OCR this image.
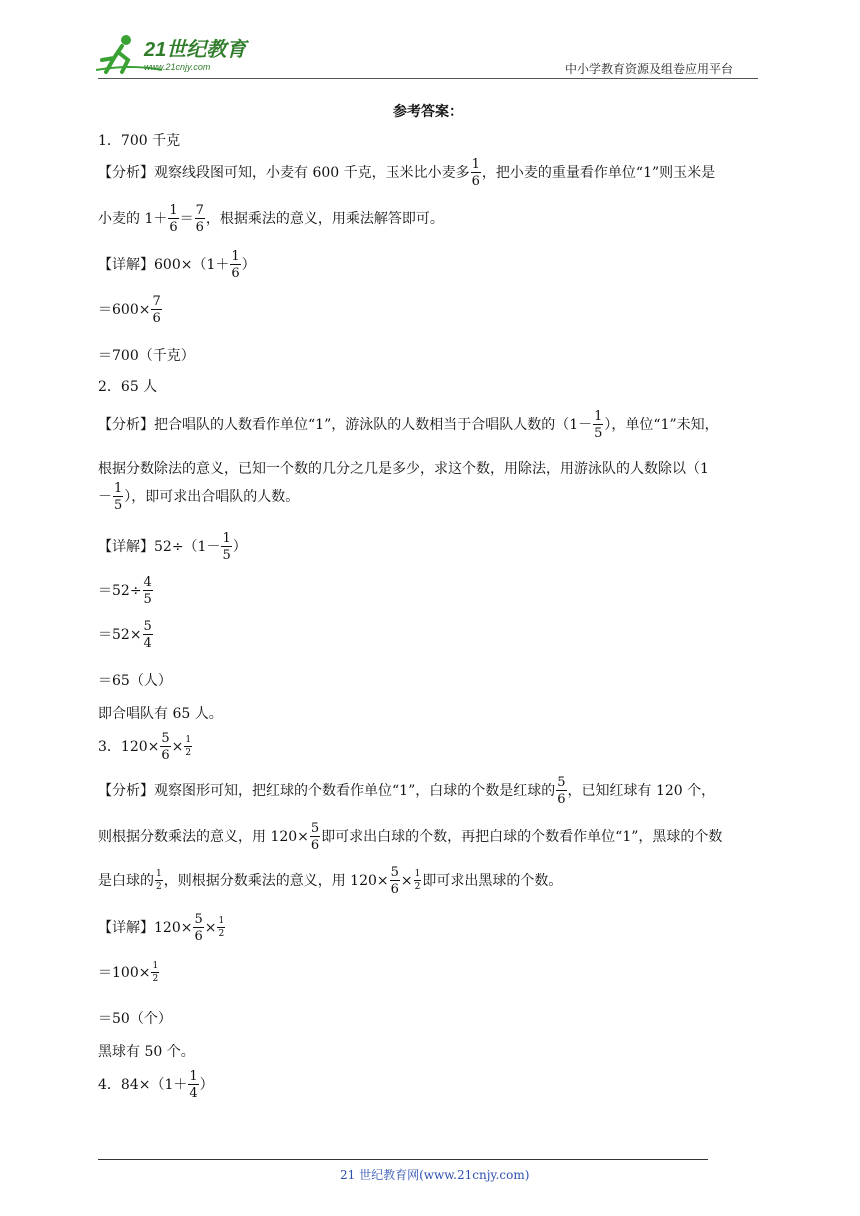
21世纪教育
www.21cnjy.com	中小学教育资源及组卷应用平台
参考答案：
1．700 千克
【分析】观察线段图可知，小麦有 600 千克，玉米比小麦多 $\frac{1}{6}$ ，把小麦的重量看作单位“1”则玉米是
小麦的 $1+ \frac{1}{6} = \frac{7}{6}$ ，根据乘法的意义，用乘法解答即可。
【详解】$600\times(1+ \frac{1}{6}$ ）
$=600\times \frac{7}{6}$
＝700（千克）
2．65 人
【分析】把合唱队的人数看作单位“1”，游泳队的人数相当于合唱队人数的（$1- \frac{1}{5}$ ），单位“1”未知，
根据分数除法的意义，已知一个数的几分之几是多少，求这个数，用除法，用游泳队的人数除以（1
－ $\frac{1}{5}$ ），即可求出合唱队的人数。
【详解】$52\div(1- \frac{1}{5}$ ）
$=52\div \frac{4}{5}$
$=52\times \frac{5}{4}$
＝65（人）
即合唱队有 65 人。
3．$120\times \frac{5}{6} \times \frac{1}{2}$
【分析】观察图形可知，把红球的个数看作单位“1”，白球的个数是红球的 $\frac{5}{6}$ ，已知红球有 120 个，
则根据分数乘法的意义，用 $120\times \frac{5}{6}$ 即可求出白球的个数，再把白球的个数看作单位“1”，黑球的个数
是白球的 $\frac{1}{2}$ ，则根据分数乘法的意义，用 $120\times \frac{5}{6} \times \frac{1}{2}$ 即可求出黑球的个数。
【详解】$120\times \frac{5}{6} \times \frac{1}{2}$
$=100\times \frac{1}{2}$
＝50（个）
黑球有 50 个。
4．$84\times(1+ \frac{1}{4}$ ）
21 世纪教育网(www.21cnjy.com)
